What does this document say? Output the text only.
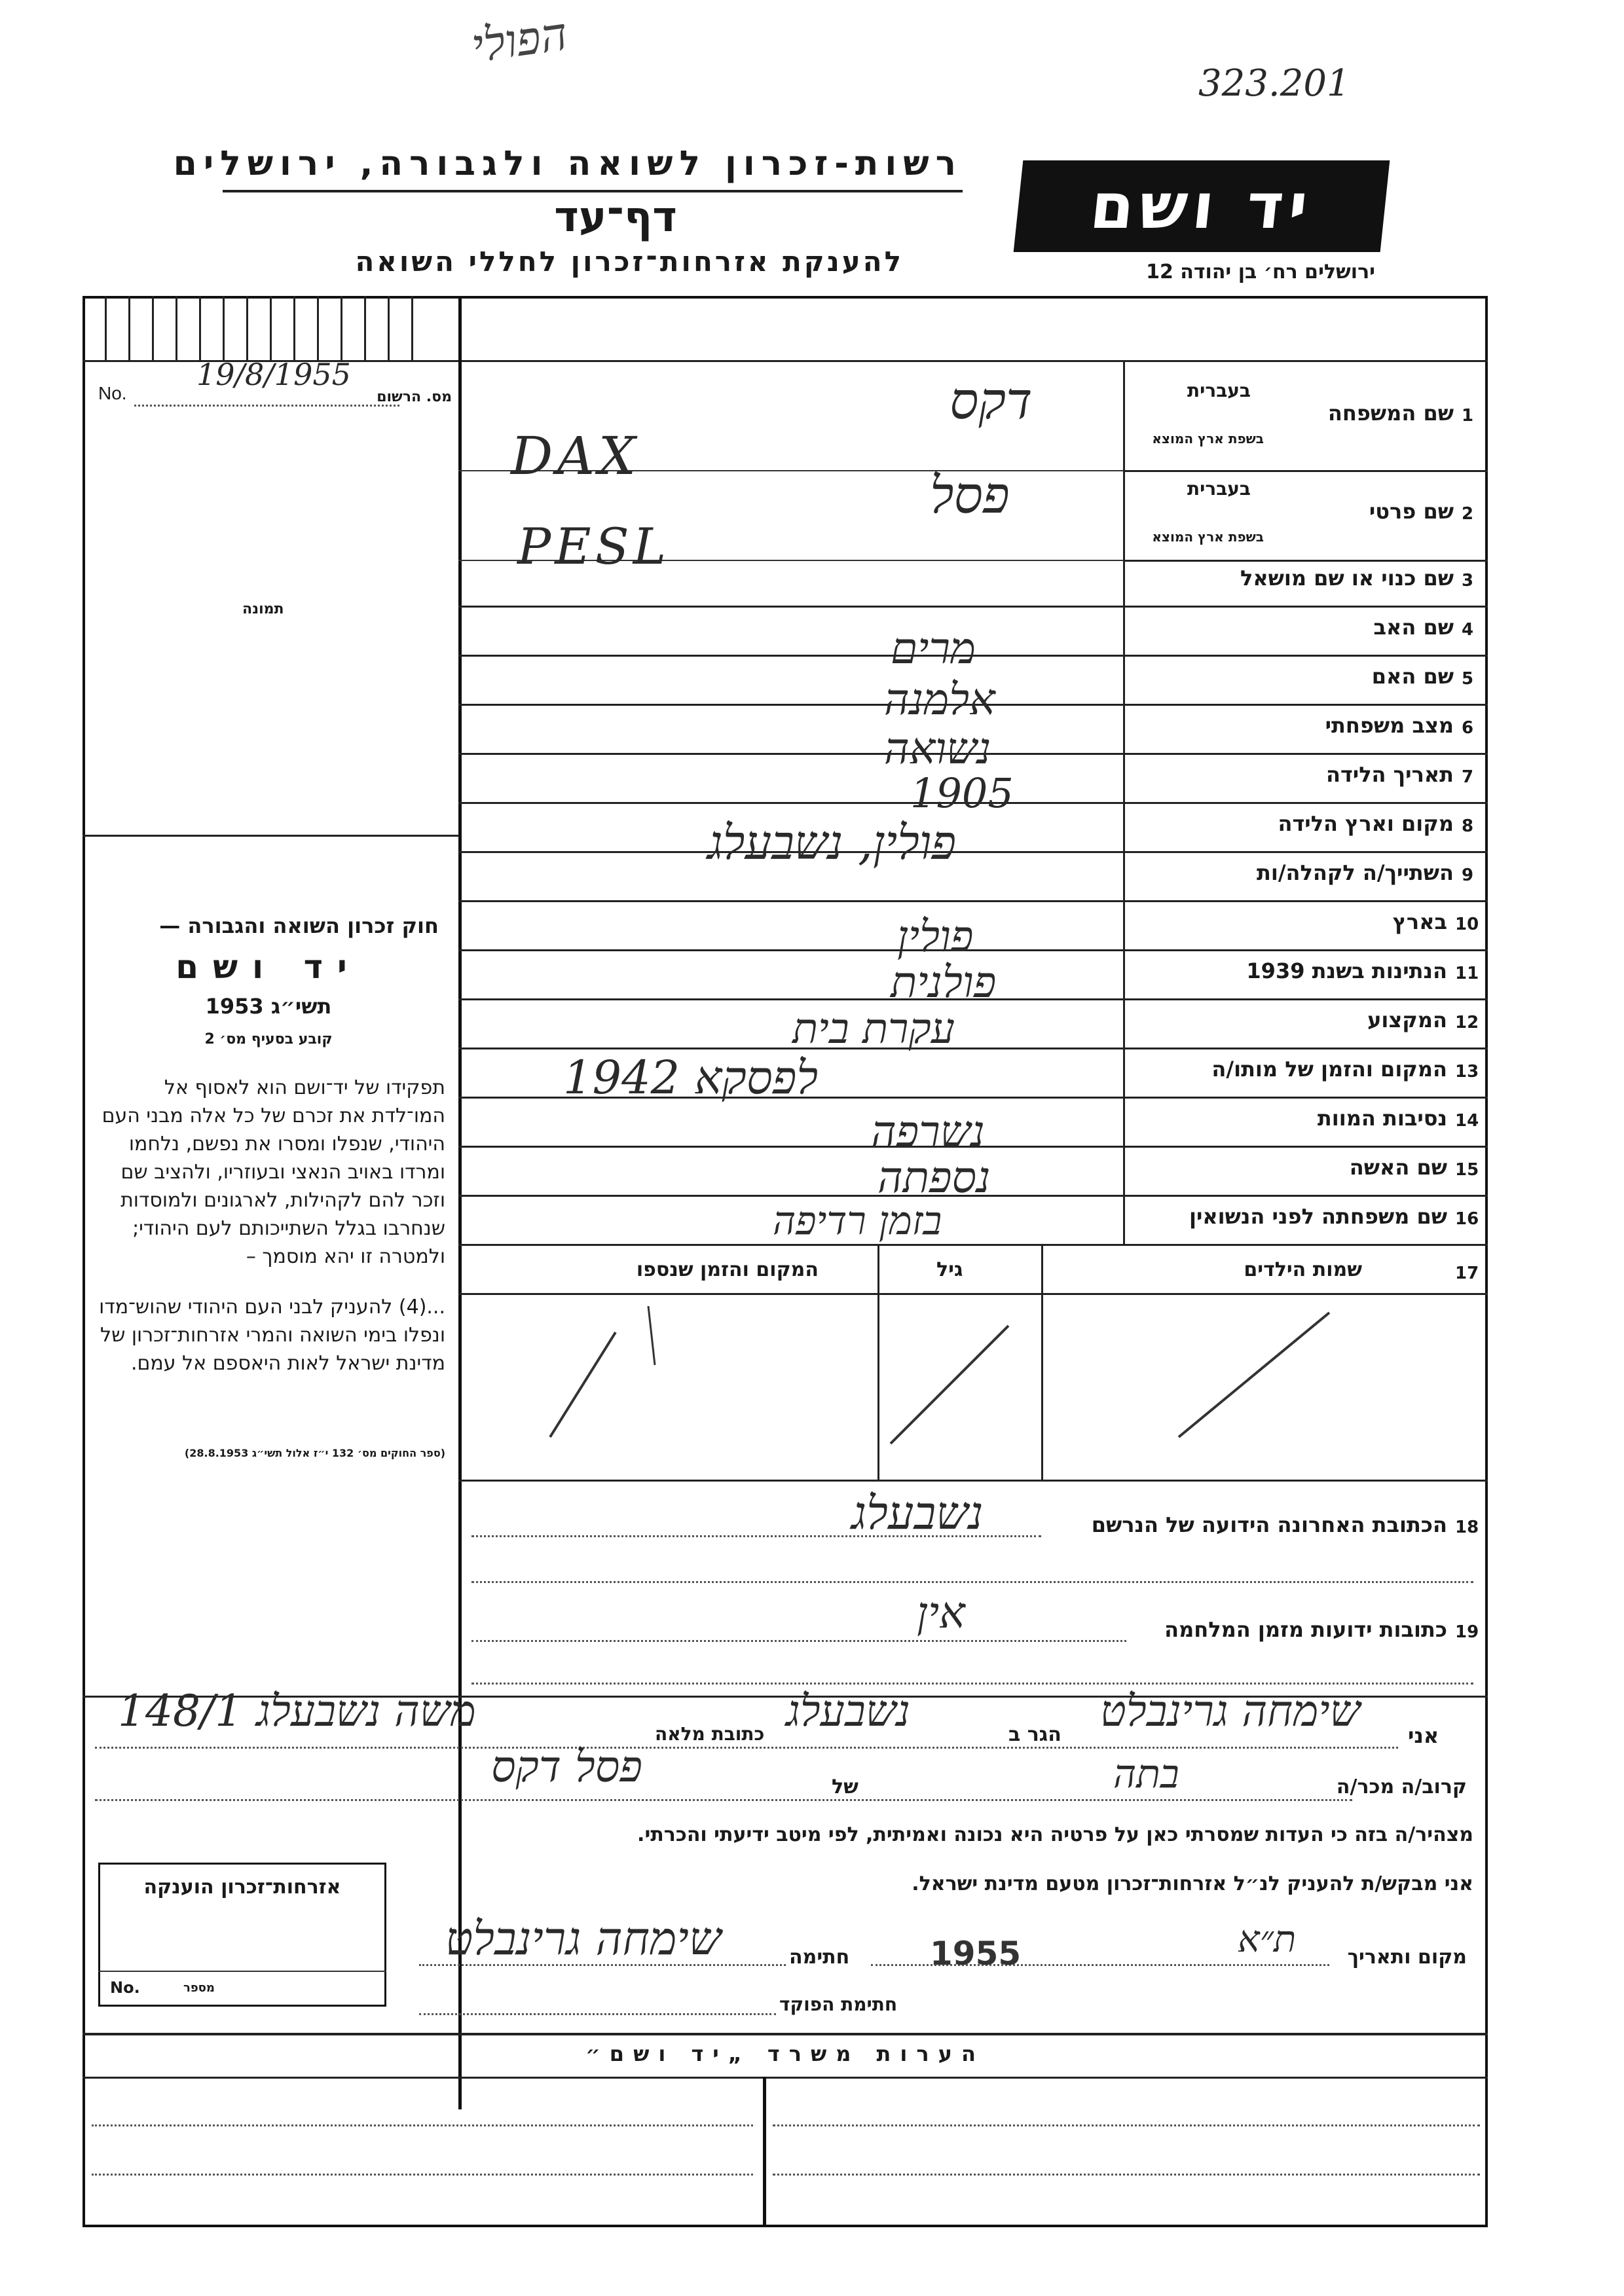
הפולי
323.201
רשות-זכרון לשואה ולגבורה, ירושלים
דף־עד
להענקת אזרחות־זכרון לחללי השואה
יד ושם
ירושלים רח׳ בן יהודה 12
No.
19/8/1955
מס. הרשום
תמונה
1
שם המשפחה
בעברית
בשפת ארץ המוצא
דקס
DAX
2
שם פרטי
בעברית
בשפת ארץ המוצא
פסל
PESL
3
שם כנוי או שם מושאל
4
שם האב
5
שם האם
מרים
6
מצב משפחתי
אלמנה
7
תאריך הלידה
נשואה
8
מקום וארץ הלידה
1905
9
השתייך/ה לקהלה/ות
פולין, נשבעלג
10
בארץ
פולין
11
הנתינות בשנת 1939
פולנית
12
המקצוע
עקרת בית
13
המקום והזמן של מותו/ה
לפסקא 1942
14
נסיבות המוות
נשרפה
15
שם האשה
נספתה
16
שם משפחתה לפני הנשואין
בזמן רדיפה
17
שמות הילדים
גיל
המקום והזמן שנספו
18
הכתובת האחרונה הידועה של הנרשם
נשבעלג
19
כתובות ידועות מזמן המלחמה
אין
חוק זכרון השואה והגבורה —
יד ושם
תשי״ג 1953
קובע בסעיף מס׳ 2
תפקידו של יד־ושם הוא לאסוף אל המו־לדת את זכרם של כל אלה מבני העם היהודי, שנפלו ומסרו את נפשם, נלחמו ומרדו באויב הנאצי ובעוזריו, ולהציב שם וזכר להם לקהילות, לארגונים ולמוסדות שנחרבו בגלל השתייכותם לעם היהודי; ולמטרה זו יהא מוסמך –
...(4) להעניק לבני העם היהודי שהוש־מדו ונפלו בימי השואה והמרי אזרחות־זכרון של מדינת ישראל לאות היאספם אל עמם.
(ספר החוקים מס׳ 132 י״ז אלול תשי״ג 28.8.1953)
אני
שימחה גרינבלט
הגר ב
נשבעלג
כתובת מלאה
משה נשבעלג 148/1
קרוב/ה מכר/ה
בתה
של
פסל דקס
מצהיר/ה בזה כי העדות שמסרתי כאן על פרטיה היא נכונה ואמיתית, לפי מיטב ידיעתי והכרתי.
אני מבקש/ת להעניק לנ״ל אזרחות־זכרון מטעם מדינת ישראל.
מקום ותאריך
ת״א
1955
חתימה
שימחה גרינבלט
חתימת הפוקד
אזרחות־זכרון הוענקה
No.	מספר
הערות משרד „יד ושם״
